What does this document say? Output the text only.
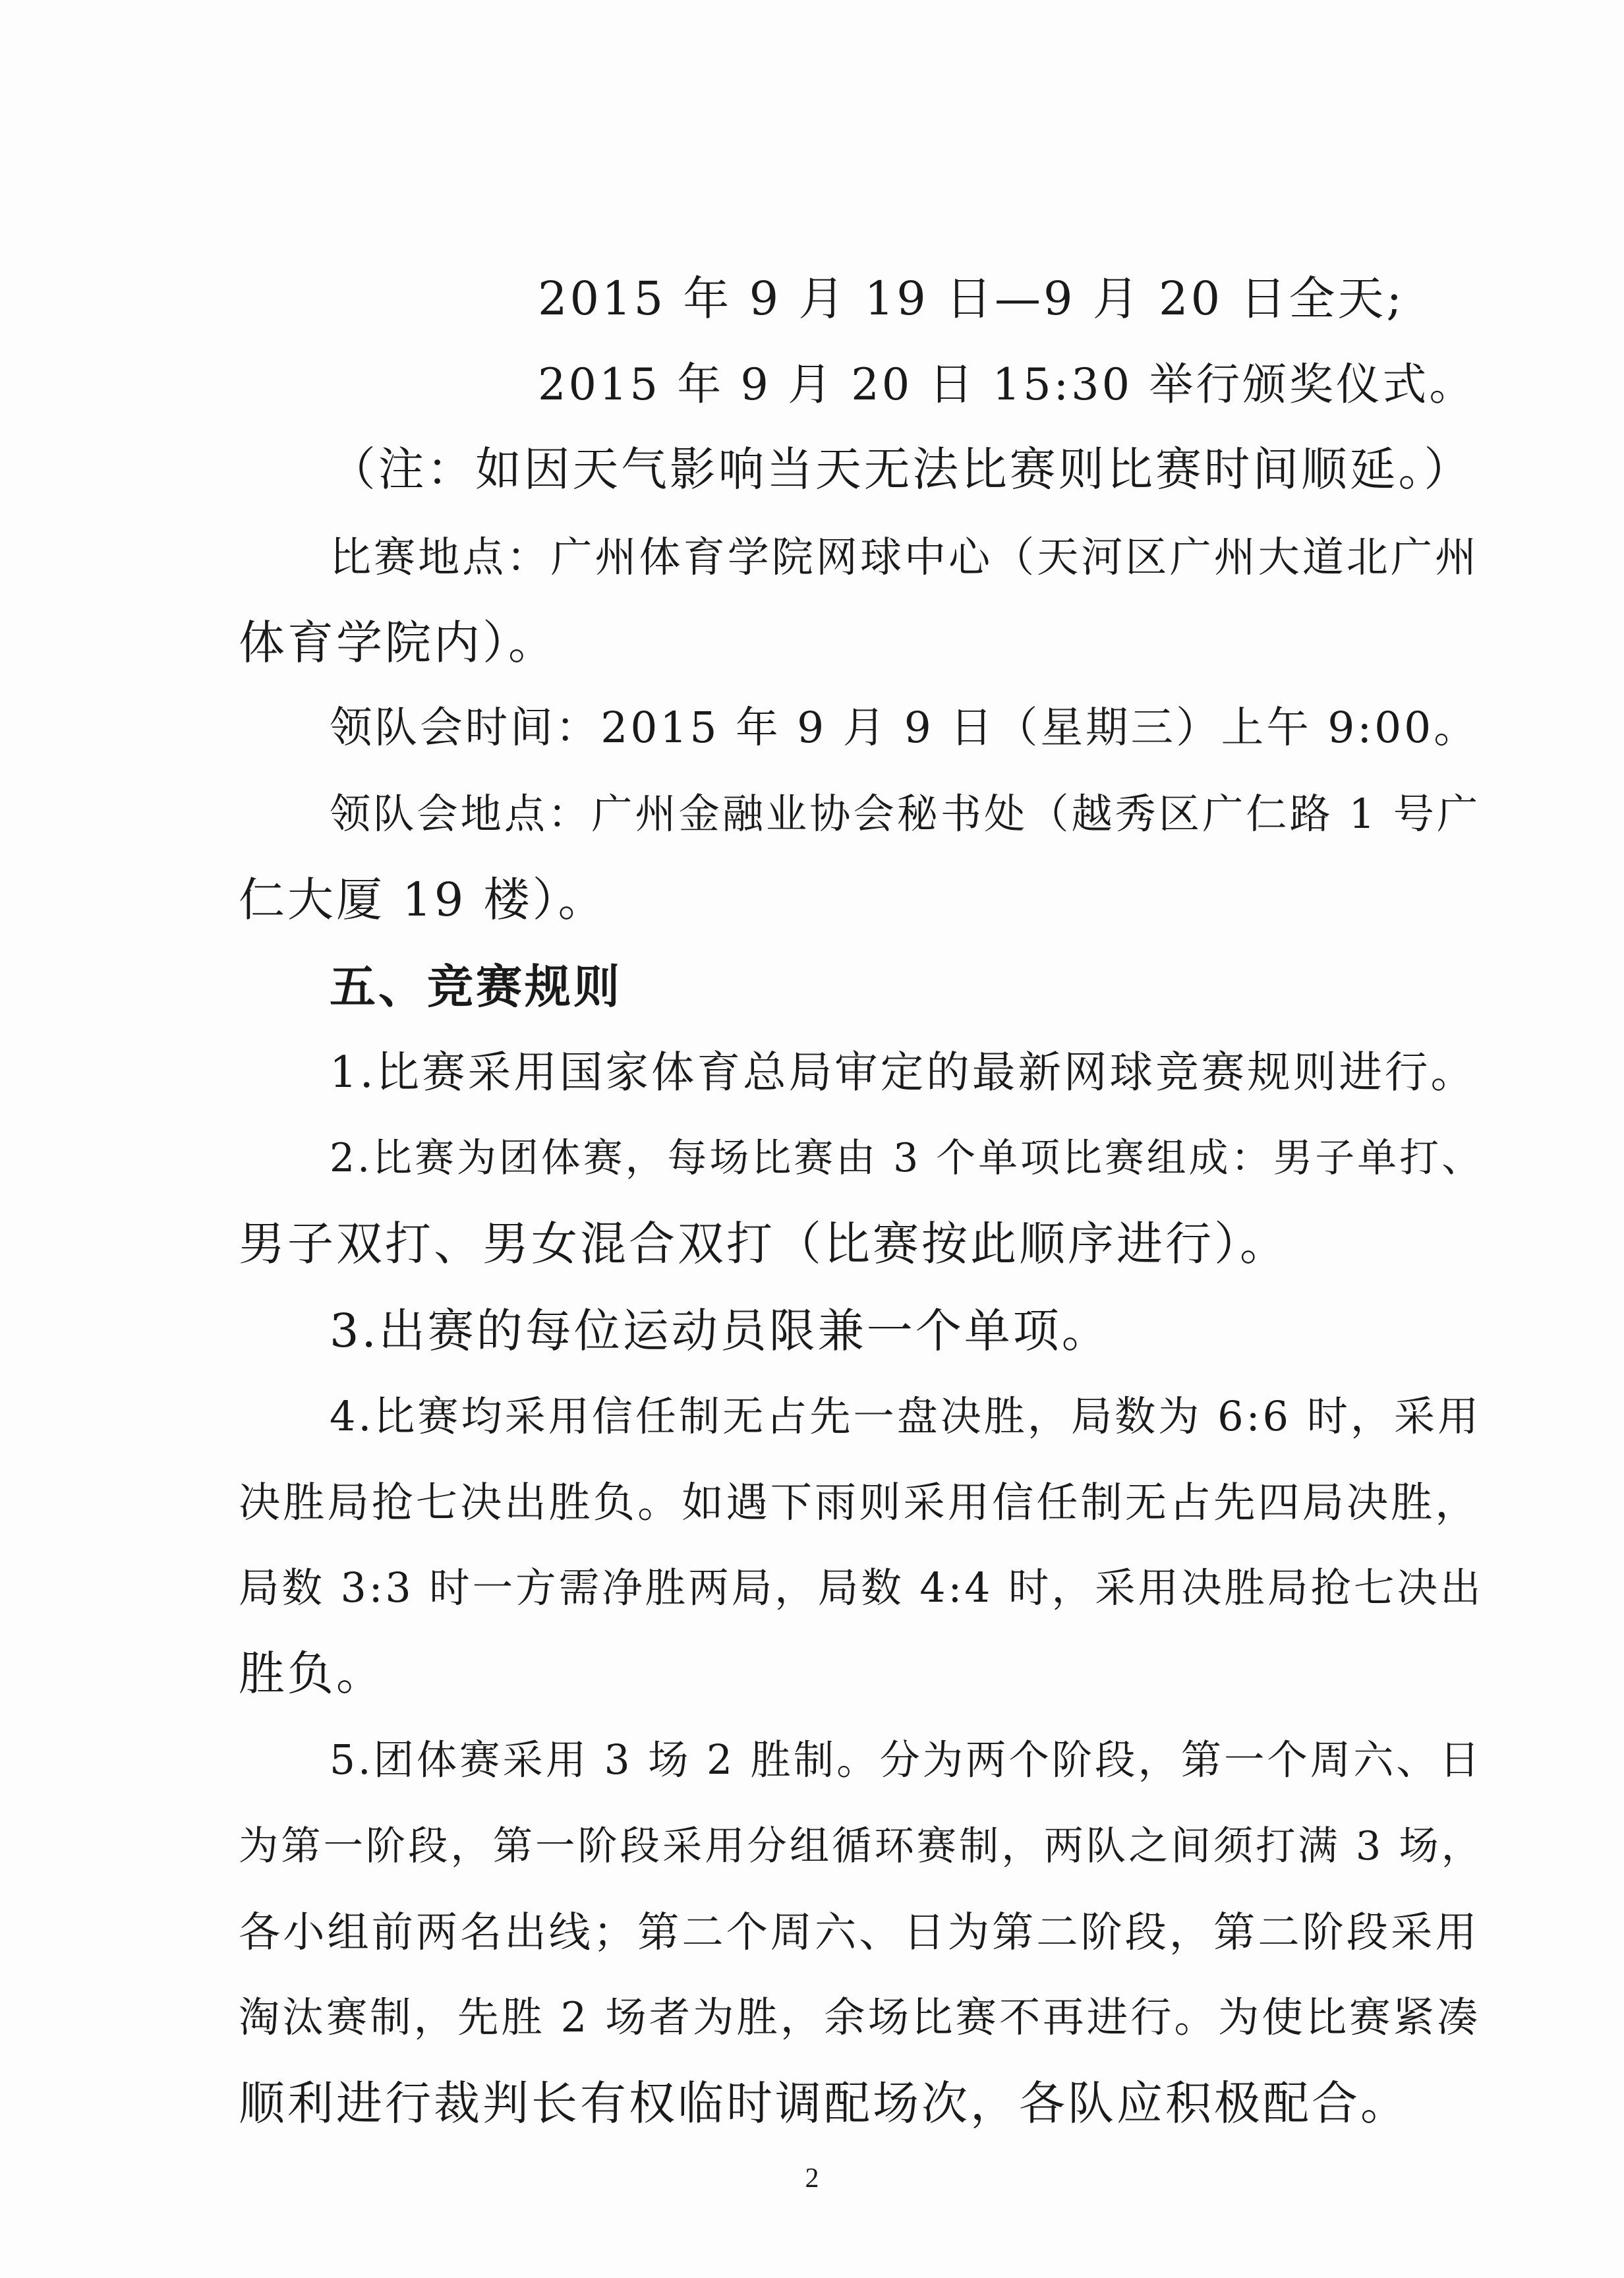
2015 年 9 月 19 日—9 月 20 日全天;
2015 年 9 月 20 日 15:30 举行颁奖仪式。
（注：如因天气影响当天无法比赛则比赛时间顺延。）
比赛地点：广州体育学院网球中心（天河区广州大道北广州
体育学院内）。
领队会时间：2015 年 9 月 9 日（星期三）上午 9:00。
领队会地点：广州金融业协会秘书处（越秀区广仁路 1 号广
仁大厦 19 楼）。
五、竞赛规则
1.比赛采用国家体育总局审定的最新网球竞赛规则进行。
2.比赛为团体赛，每场比赛由 3 个单项比赛组成：男子单打、
男子双打、男女混合双打（比赛按此顺序进行）。
3.出赛的每位运动员限兼一个单项。
4.比赛均采用信任制无占先一盘决胜，局数为 6:6 时，采用
决胜局抢七决出胜负。如遇下雨则采用信任制无占先四局决胜，
局数 3:3 时一方需净胜两局，局数 4:4 时，采用决胜局抢七决出
胜负。
5.团体赛采用 3 场 2 胜制。分为两个阶段，第一个周六、日
为第一阶段，第一阶段采用分组循环赛制，两队之间须打满 3 场，
各小组前两名出线；第二个周六、日为第二阶段，第二阶段采用
淘汰赛制，先胜 2 场者为胜，余场比赛不再进行。为使比赛紧凑
顺利进行裁判长有权临时调配场次，各队应积极配合。
2
